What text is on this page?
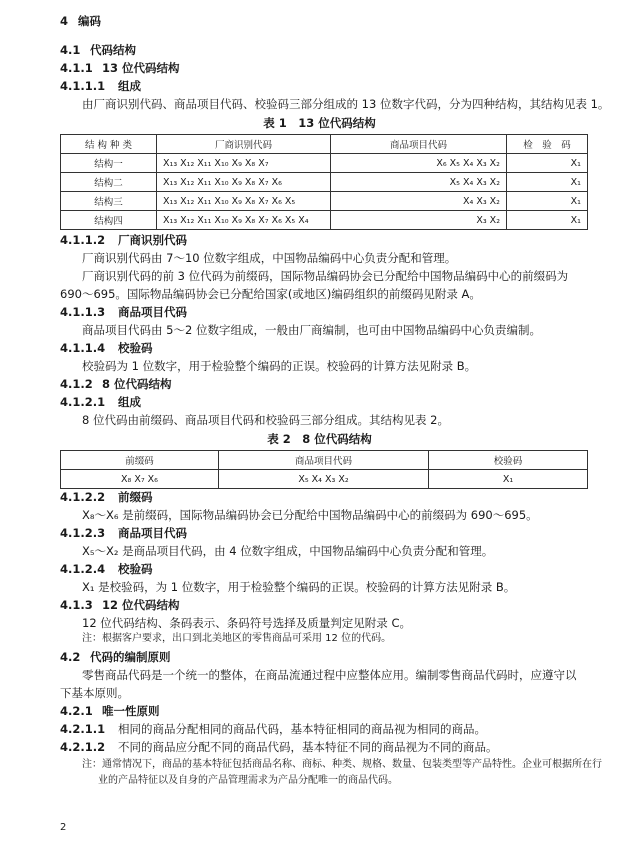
4 编码
4.1 代码结构
4.1.1 13 位代码结构
4.1.1.1 组成
由厂商识别代码、商品项目代码、校验码三部分组成的 13 位数字代码，分为四种结构，其结构见表 1。
表 1　13 位代码结构
结 构 种 类	厂商识别代码	商品项目代码	检　验　码
结构一	X₁₃ X₁₂ X₁₁ X₁₀ X₉ X₈ X₇	X₆ X₅ X₄ X₃ X₂	X₁
结构二	X₁₃ X₁₂ X₁₁ X₁₀ X₉ X₈ X₇ X₆	X₅ X₄ X₃ X₂	X₁
结构三	X₁₃ X₁₂ X₁₁ X₁₀ X₉ X₈ X₇ X₆ X₅	X₄ X₃ X₂	X₁
结构四	X₁₃ X₁₂ X₁₁ X₁₀ X₉ X₈ X₇ X₆ X₅ X₄	X₃ X₂	X₁
4.1.1.2 厂商识别代码
厂商识别代码由 7～10 位数字组成，中国物品编码中心负责分配和管理。
厂商识别代码的前 3 位代码为前缀码，国际物品编码协会已分配给中国物品编码中心的前缀码为
690～695。国际物品编码协会已分配给国家(或地区)编码组织的前缀码见附录 A。
4.1.1.3 商品项目代码
商品项目代码由 5～2 位数字组成，一般由厂商编制，也可由中国物品编码中心负责编制。
4.1.1.4 校验码
校验码为 1 位数字，用于检验整个编码的正误。校验码的计算方法见附录 B。
4.1.2 8 位代码结构
4.1.2.1 组成
8 位代码由前缀码、商品项目代码和校验码三部分组成。其结构见表 2。
表 2　8 位代码结构
前缀码	商品项目代码	校验码
X₈ X₇ X₆	X₅ X₄ X₃ X₂	X₁
4.1.2.2 前缀码
X₈～X₆ 是前缀码，国际物品编码协会已分配给中国物品编码中心的前缀码为 690～695。
4.1.2.3 商品项目代码
X₅～X₂ 是商品项目代码，由 4 位数字组成，中国物品编码中心负责分配和管理。
4.1.2.4 校验码
X₁ 是校验码，为 1 位数字，用于检验整个编码的正误。校验码的计算方法见附录 B。
4.1.3 12 位代码结构
12 位代码结构、条码表示、条码符号选择及质量判定见附录 C。
注：根据客户要求，出口到北美地区的零售商品可采用 12 位的代码。
4.2 代码的编制原则
零售商品代码是一个统一的整体，在商品流通过程中应整体应用。编制零售商品代码时，应遵守以
下基本原则。
4.2.1 唯一性原则
4.2.1.1 相同的商品分配相同的商品代码，基本特征相同的商品视为相同的商品。
4.2.1.2 不同的商品应分配不同的商品代码，基本特征不同的商品视为不同的商品。
注：通常情况下，商品的基本特征包括商品名称、商标、种类、规格、数量、包装类型等产品特性。企业可根据所在行
业的产品特征以及自身的产品管理需求为产品分配唯一的商品代码。
2
